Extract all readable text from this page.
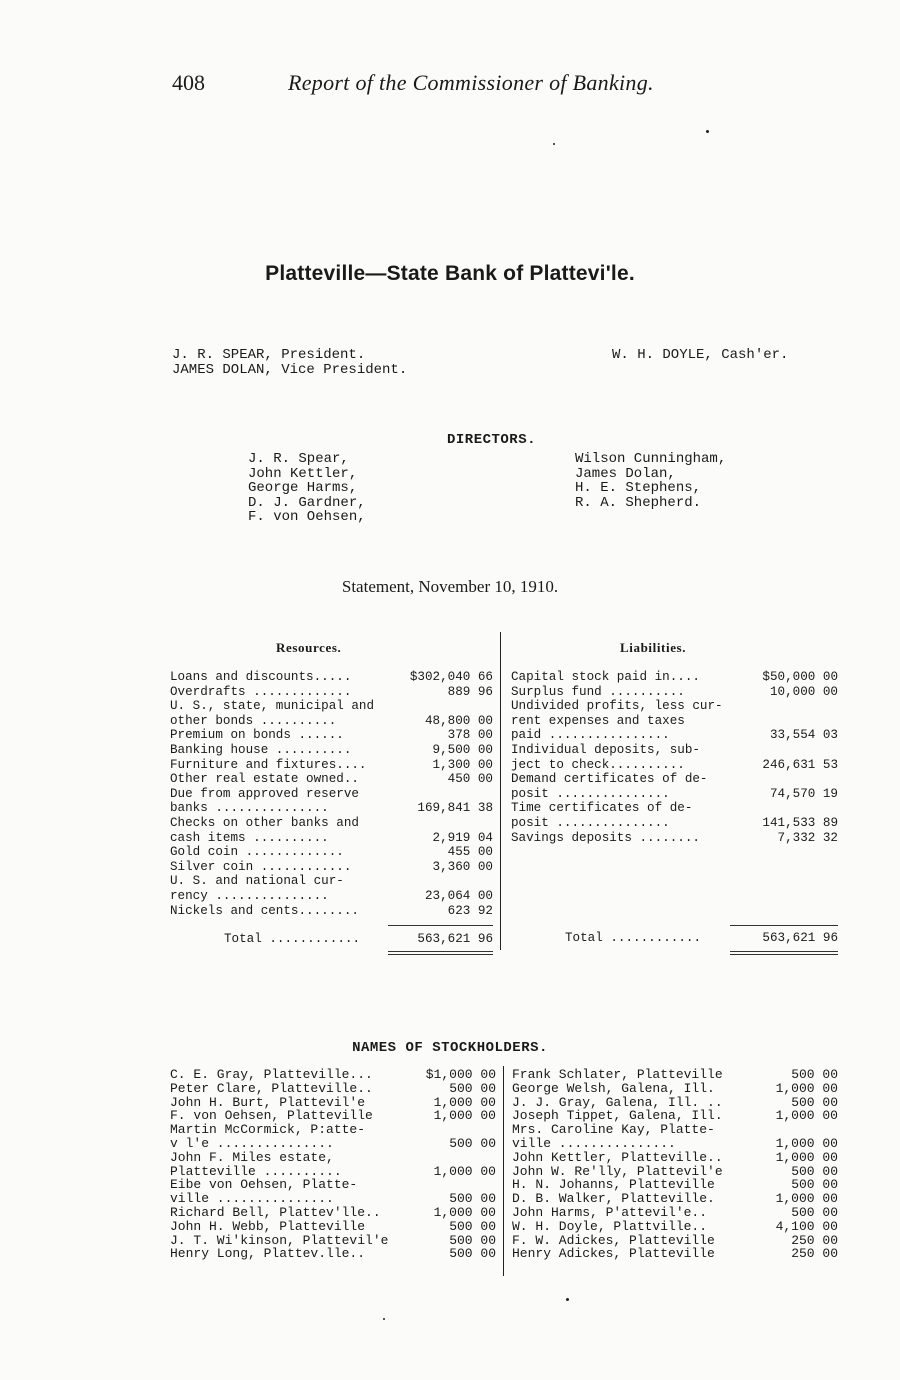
408	Report of the Commissioner of Banking.
Platteville—State Bank of Plattevi'le.
J. R. SPEAR, President.
JAMES DOLAN, Vice President.
W. H. DOYLE, Cash'er.
DIRECTORS.
J. R. Spear,
John Kettler,
George Harms,
D. J. Gardner,
F. von Oehsen,
Wilson Cunningham,
James Dolan,
H. E. Stephens,
R. A. Shepherd.
Statement, November 10, 1910.
Resources.	Liabilities.
Loans and discounts.....	$302,040 66
Overdrafts .............	889 96
U. S., state, municipal and
other bonds ..........	48,800 00
Premium on bonds ......	378 00
Banking house ..........	9,500 00
Furniture and fixtures....	1,300 00
Other real estate owned..	450 00
Due from approved reserve
banks ...............	169,841 38
Checks on other banks and
cash items ..........	2,919 04
Gold coin .............	455 00
Silver coin ............	3,360 00
U. S. and national cur-
rency ...............	23,064 00
Nickels and cents........	623 92
Capital stock paid in....	$50,000 00
Surplus fund ..........	10,000 00
Undivided profits, less cur-
rent expenses and taxes
paid ................	33,554 03
Individual deposits, sub-
ject to check..........	246,631 53
Demand certificates of de-
posit ...............	74,570 19
Time certificates of de-
posit ...............	141,533 89
Savings deposits ........	7,332 32
Total ............	563,621 96	Total ............	563,621 96
NAMES OF STOCKHOLDERS.
C. E. Gray, Platteville...	$1,000 00
Peter Clare, Platteville..	500 00
John H. Burt, Plattevil'e	1,000 00
F. von Oehsen, Platteville	1,000 00
Martin McCormick, P:atte-
v l'e ...............	500 00
John F. Miles estate,
Platteville ..........	1,000 00
Eibe von Oehsen, Platte-
ville ...............	500 00
Richard Bell, Plattev'lle..	1,000 00
John H. Webb, Platteville	500 00
J. T. Wi'kinson, Plattevil'e	500 00
Henry Long, Plattev.lle..	500 00
Frank Schlater, Platteville	500 00
George Welsh, Galena, Ill.	1,000 00
J. J. Gray, Galena, Ill. ..	500 00
Joseph Tippet, Galena, Ill.	1,000 00
Mrs. Caroline Kay, Platte-
ville ...............	1,000 00
John Kettler, Platteville..	1,000 00
John W. Re'lly, Plattevil'e	500 00
H. N. Johanns, Platteville	500 00
D. B. Walker, Platteville.	1,000 00
John Harms, P'attevil'e..	500 00
W. H. Doyle, Plattville..	4,100 00
F. W. Adickes, Platteville	250 00
Henry Adickes, Platteville	250 00
